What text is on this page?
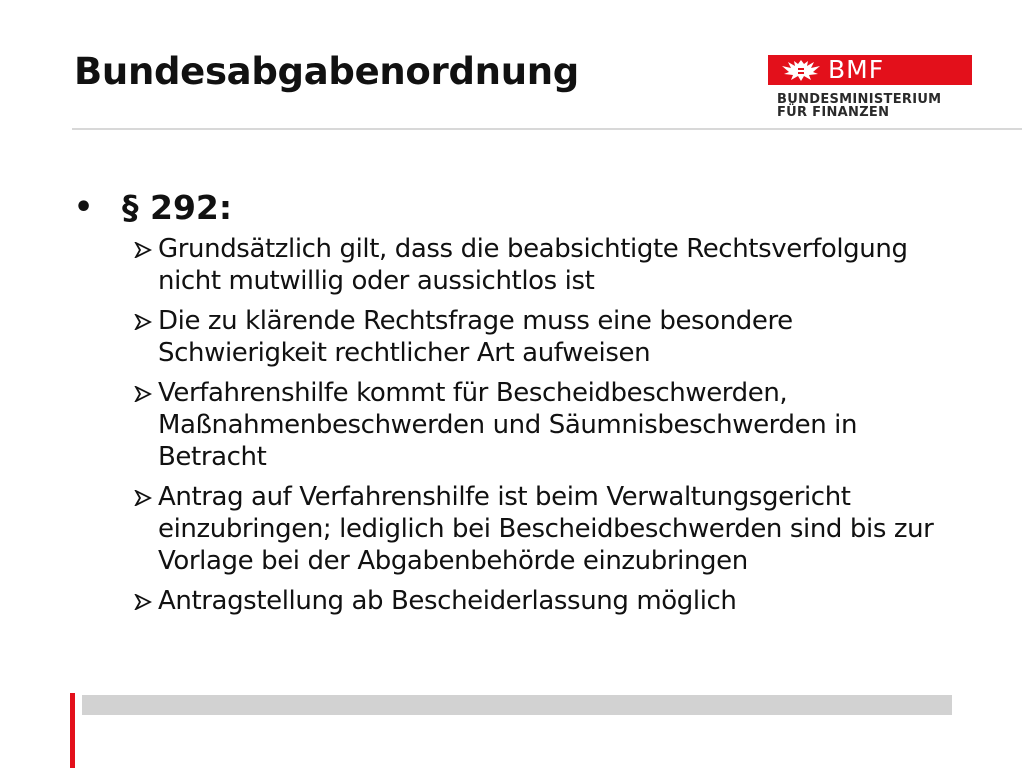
Bundesabgabenordnung	BMF
BUNDESMINISTERIUM
FÜR FINANZEN
• § 292:
Grundsätzlich gilt, dass die beabsichtigte Rechtsverfolgung nicht mutwillig oder aussichtlos ist
Die zu klärende Rechtsfrage muss eine besondere Schwierigkeit rechtlicher Art aufweisen
Verfahrenshilfe kommt für Bescheidbeschwerden, Maßnahmenbeschwerden und Säumnisbeschwerden in Betracht
Antrag auf Verfahrenshilfe ist beim Verwaltungsgericht einzubringen; lediglich bei Bescheidbeschwerden sind bis zur Vorlage bei der Abgabenbehörde einzubringen
Antragstellung ab Bescheiderlassung möglich
